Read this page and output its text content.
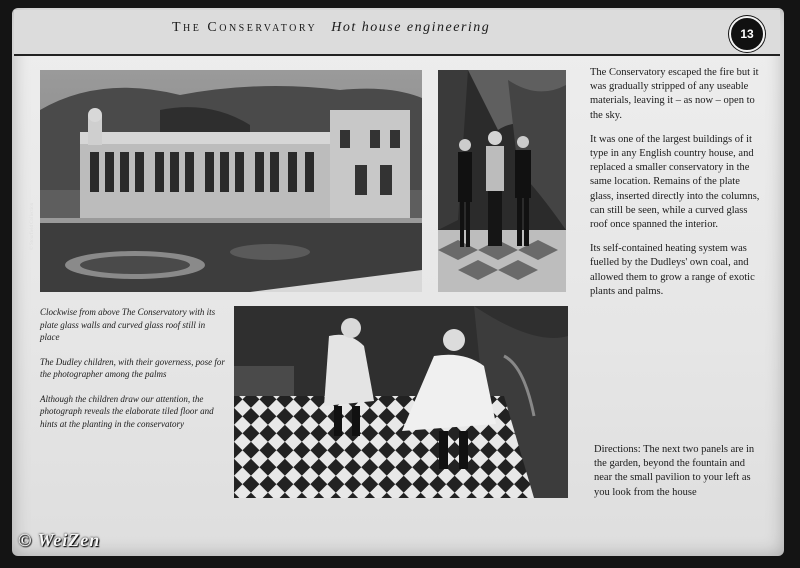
The Conservatory Hot house engineering	13
© Stourfield Collection

The Conservatory escaped the fire but it was gradually stripped of any useable materials, leaving it – as now – open to the sky.

It was one of the largest buildings of it type in any English country house, and replaced a smaller conservatory in the same location. Remains of the plate glass, inserted directly into the columns, can still be seen, while a curved glass roof once spanned the interior.

Its self-contained heating system was fuelled by the Dudleys' own coal, and allowed them to grow a range of exotic plants and palms.

Directions: The next two panels are in the garden, beyond the fountain and near the small pavilion to your left as you look from the house

Clockwise from above The Conservatory with its plate glass walls and curved glass roof still in place

The Dudley children, with their governess, pose for the photographer among the palms

Although the children draw our attention, the photograph reveals the elaborate tiled floor and hints at the planting in the conservatory

© WeiZen
